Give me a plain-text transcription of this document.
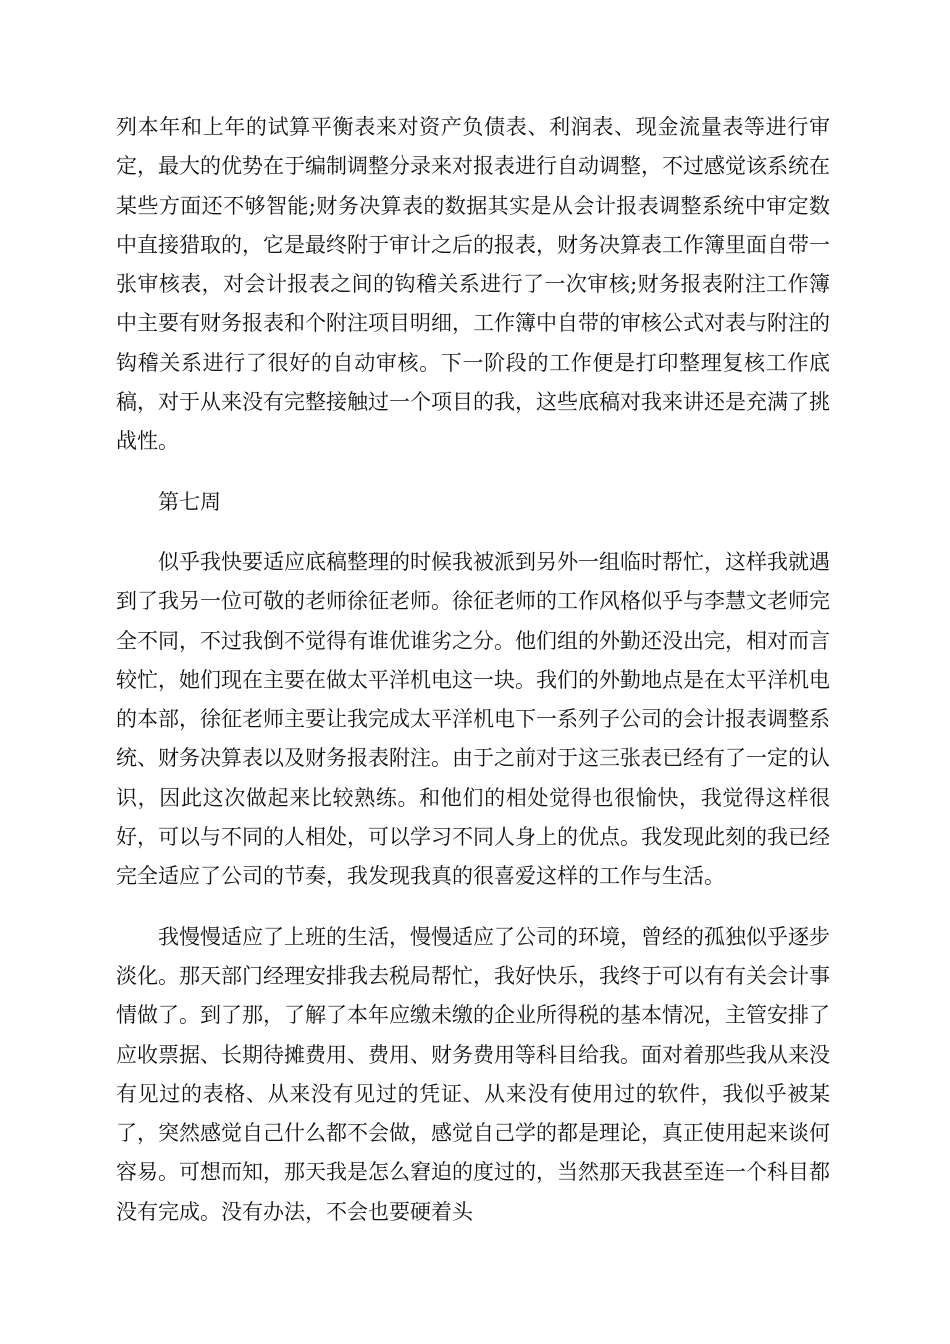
列本年和上年的试算平衡表来对资产负债表、利润表、现金流量表等进行审定，最大的优势在于编制调整分录来对报表进行自动调整，不过感觉该系统在某些方面还不够智能;财务决算表的数据其实是从会计报表调整系统中审定数中直接猎取的，它是最终附于审计之后的报表，财务决算表工作簿里面自带一张审核表，对会计报表之间的钩稽关系进行了一次审核;财务报表附注工作簿中主要有财务报表和个附注项目明细，工作簿中自带的审核公式对表与附注的钩稽关系进行了很好的自动审核。下一阶段的工作便是打印整理复核工作底稿，对于从来没有完整接触过一个项目的我，这些底稿对我来讲还是充满了挑战性。

第七周

似乎我快要适应底稿整理的时候我被派到另外一组临时帮忙，这样我就遇到了我另一位可敬的老师徐征老师。徐征老师的工作风格似乎与李慧文老师完全不同，不过我倒不觉得有谁优谁劣之分。他们组的外勤还没出完，相对而言较忙，她们现在主要在做太平洋机电这一块。我们的外勤地点是在太平洋机电的本部，徐征老师主要让我完成太平洋机电下一系列子公司的会计报表调整系统、财务决算表以及财务报表附注。由于之前对于这三张表已经有了一定的认识，因此这次做起来比较熟练。和他们的相处觉得也很愉快，我觉得这样很好，可以与不同的人相处，可以学习不同人身上的优点。我发现此刻的我已经完全适应了公司的节奏，我发现我真的很喜爱这样的工作与生活。

我慢慢适应了上班的生活，慢慢适应了公司的环境，曾经的孤独似乎逐步淡化。那天部门经理安排我去税局帮忙，我好快乐，我终于可以有有关会计事情做了。到了那，了解了本年应缴未缴的企业所得税的基本情况，主管安排了应收票据、长期待摊费用、费用、财务费用等科目给我。面对着那些我从来没有见过的表格、从来没有见过的凭证、从来没有使用过的软件，我似乎被某了，突然感觉自己什么都不会做，感觉自己学的都是理论，真正使用起来谈何容易。可想而知，那天我是怎么窘迫的度过的，当然那天我甚至连一个科目都没有完成。没有办法，不会也要硬着头
